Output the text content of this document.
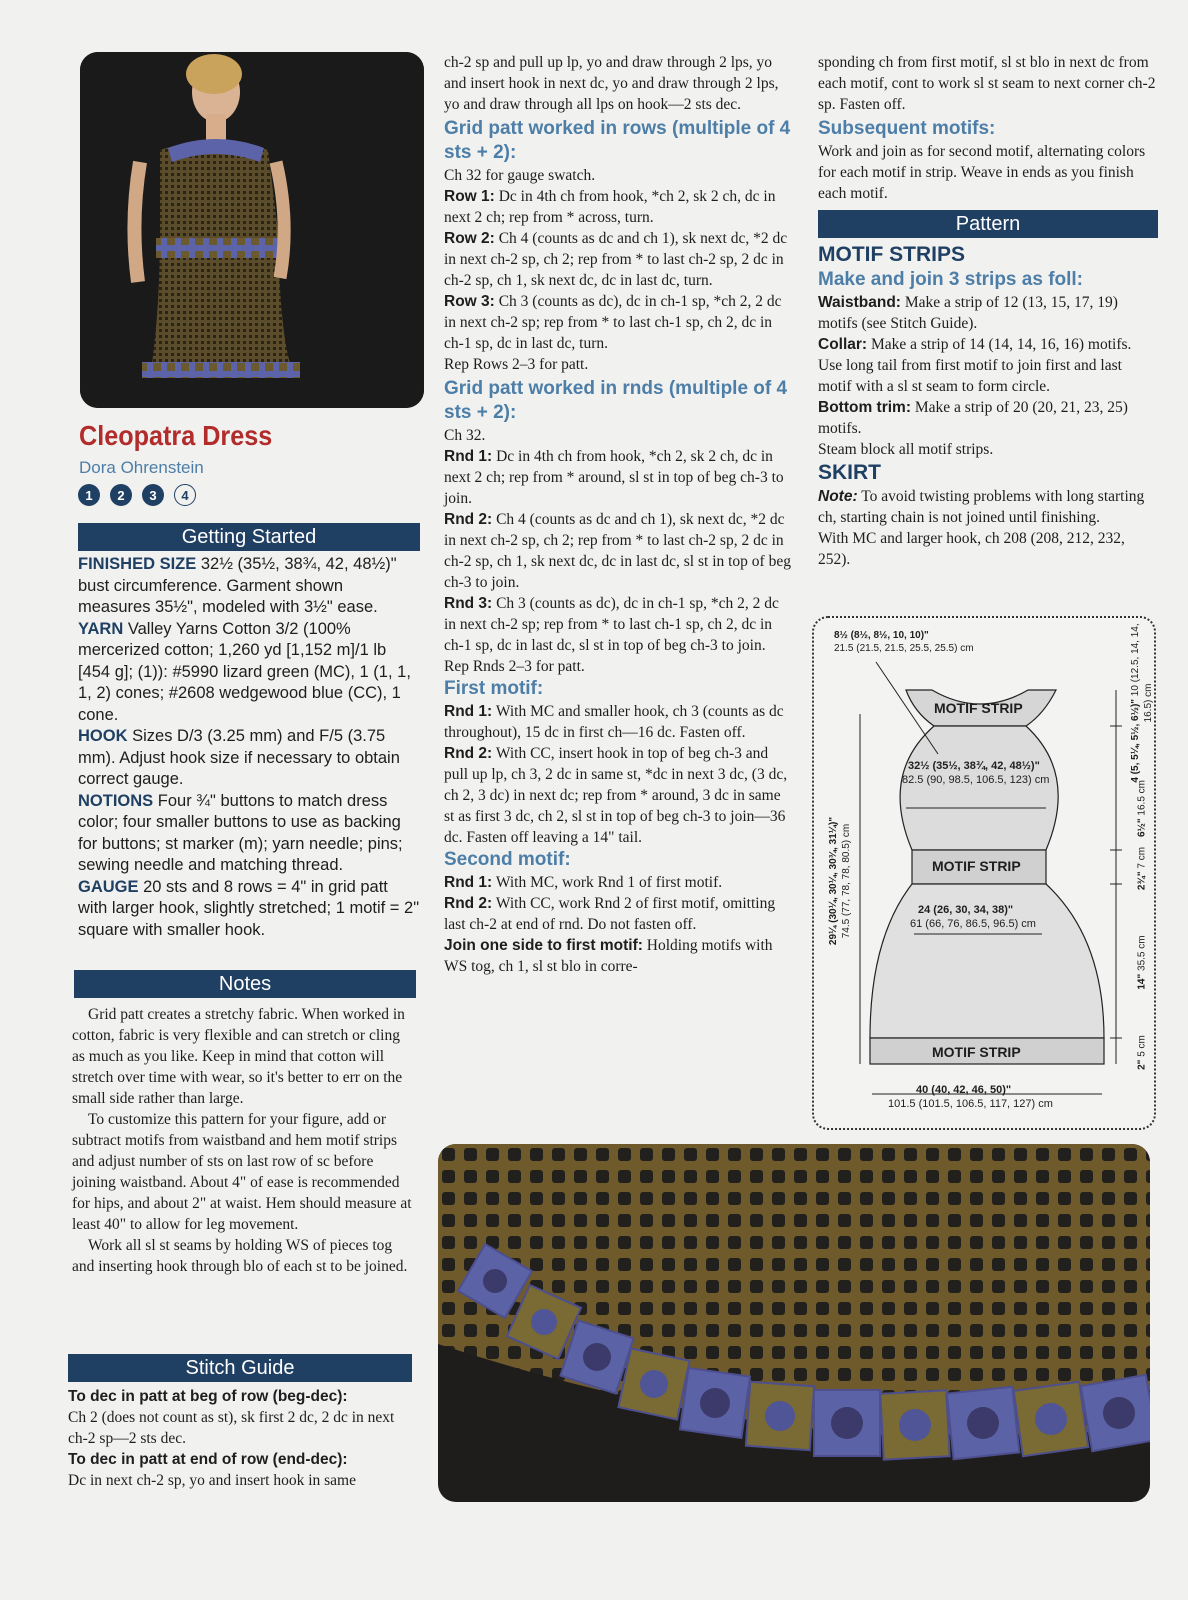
Cleopatra Dress
Dora Ohrenstein
1	2	3	4
Getting Started

FINISHED SIZE 32½ (35½, 38¾, 42, 48½)" bust circumference. Garment shown measures 35½", modeled with 3½" ease.

YARN Valley Yarns Cotton 3/2 (100% mercerized cotton; 1,260 yd [1,152 m]/1 lb [454 g]; (1)): #5990 lizard green (MC), 1 (1, 1, 1, 2) cones; #2608 wedgewood blue (CC), 1 cone.

HOOK Sizes D/3 (3.25 mm) and F/5 (3.75 mm). Adjust hook size if necessary to obtain correct gauge.

NOTIONS Four ¾" buttons to match dress color; four smaller buttons to use as backing for buttons; st marker (m); yarn needle; pins; sewing needle and matching thread.

GAUGE 20 sts and 8 rows = 4" in grid patt with larger hook, slightly stretched; 1 motif = 2" square with smaller hook.

Notes

Grid patt creates a stretchy fabric. When worked in cotton, fabric is very flexible and can stretch or cling as much as you like. Keep in mind that cotton will stretch over time with wear, so it's better to err on the small side rather than large.

To customize this pattern for your figure, add or subtract motifs from waistband and hem motif strips and adjust number of sts on last row of sc before joining waistband. About 4" of ease is recommended for hips, and about 2" at waist. Hem should measure at least 40" to allow for leg movement.

Work all sl st seams by holding WS of pieces tog and inserting hook through blo of each st to be joined.

Stitch Guide

To dec in patt at beg of row (beg-dec):

Ch 2 (does not count as st), sk first 2 dc, 2 dc in next ch-2 sp—2 sts dec.

To dec in patt at end of row (end-dec):

Dc in next ch-2 sp, yo and insert hook in same

ch-2 sp and pull up lp, yo and draw through 2 lps, yo and insert hook in next dc, yo and draw through 2 lps, yo and draw through all lps on hook—2 sts dec.

Grid patt worked in rows (multiple of 4 sts + 2):

Ch 32 for gauge swatch.

Row 1: Dc in 4th ch from hook, *ch 2, sk 2 ch, dc in next 2 ch; rep from * across, turn.

Row 2: Ch 4 (counts as dc and ch 1), sk next dc, *2 dc in next ch-2 sp, ch 2; rep from * to last ch-2 sp, 2 dc in ch-2 sp, ch 1, sk next dc, dc in last dc, turn.

Row 3: Ch 3 (counts as dc), dc in ch-1 sp, *ch 2, 2 dc in next ch-2 sp; rep from * to last ch-1 sp, ch 2, dc in ch-1 sp, dc in last dc, turn.

Rep Rows 2–3 for patt.

Grid patt worked in rnds (multiple of 4 sts + 2):

Ch 32.

Rnd 1: Dc in 4th ch from hook, *ch 2, sk 2 ch, dc in next 2 ch; rep from * around, sl st in top of beg ch-3 to join.

Rnd 2: Ch 4 (counts as dc and ch 1), sk next dc, *2 dc in next ch-2 sp, ch 2; rep from * to last ch-2 sp, 2 dc in ch-2 sp, ch 1, sk next dc, dc in last dc, sl st in top of beg ch-3 to join.

Rnd 3: Ch 3 (counts as dc), dc in ch-1 sp, *ch 2, 2 dc in next ch-2 sp; rep from * to last ch-1 sp, ch 2, dc in ch-1 sp, dc in last dc, sl st in top of beg ch-3 to join.

Rep Rnds 2–3 for patt.

First motif:

Rnd 1: With MC and smaller hook, ch 3 (counts as dc throughout), 15 dc in first ch—16 dc. Fasten off.

Rnd 2: With CC, insert hook in top of beg ch-3 and pull up lp, ch 3, 2 dc in same st, *dc in next 3 dc, (3 dc, ch 2, 3 dc) in next dc; rep from * around, 3 dc in same st as first 3 dc, ch 2, sl st in top of beg ch-3 to join—36 dc. Fasten off leaving a 14" tail.

Second motif:

Rnd 1: With MC, work Rnd 1 of first motif.

Rnd 2: With CC, work Rnd 2 of first motif, omitting last ch-2 at end of rnd. Do not fasten off.

Join one side to first motif: Holding motifs with WS tog, ch 1, sl st blo in corre-

sponding ch from first motif, sl st blo in next dc from each motif, cont to work sl st seam to next corner ch-2 sp. Fasten off.

Subsequent motifs:

Work and join as for second motif, alternating colors for each motif in strip. Weave in ends as you finish each motif.

Pattern

MOTIF STRIPS

Make and join 3 strips as foll:

Waistband: Make a strip of 12 (13, 15, 17, 19) motifs (see Stitch Guide).

Collar: Make a strip of 14 (14, 14, 16, 16) motifs. Use long tail from first motif to join first and last motif with a sl st seam to form circle.

Bottom trim: Make a strip of 20 (20, 21, 23, 25) motifs.

Steam block all motif strips.

SKIRT

Note: To avoid twisting problems with long starting ch, starting chain is not joined until finishing.

With MC and larger hook, ch 208 (208, 212, 232, 252).

8½ (8½, 8½, 10, 10)"
21.5 (21.5, 21.5, 25.5, 25.5) cm
MOTIF STRIP
32½ (35½, 38¾, 42, 48½)"
82.5 (90, 98.5, 106.5, 123) cm
MOTIF STRIP
24 (26, 30, 34, 38)"
61 (66, 76, 86.5, 96.5) cm
MOTIF STRIP
40 (40, 42, 46, 50)"
101.5 (101.5, 106.5, 117, 127) cm
29¼ (30¼, 30¼, 30¾, 31¼)" 74.5 (77, 78, 78, 80.5) cm
4 (5, 5¼, 5½, 6½)" 10 (12.5, 14, 14, 16.5) cm
6½" 16.5 cm
2¾" 7 cm
14" 35.5 cm
2" 5 cm
